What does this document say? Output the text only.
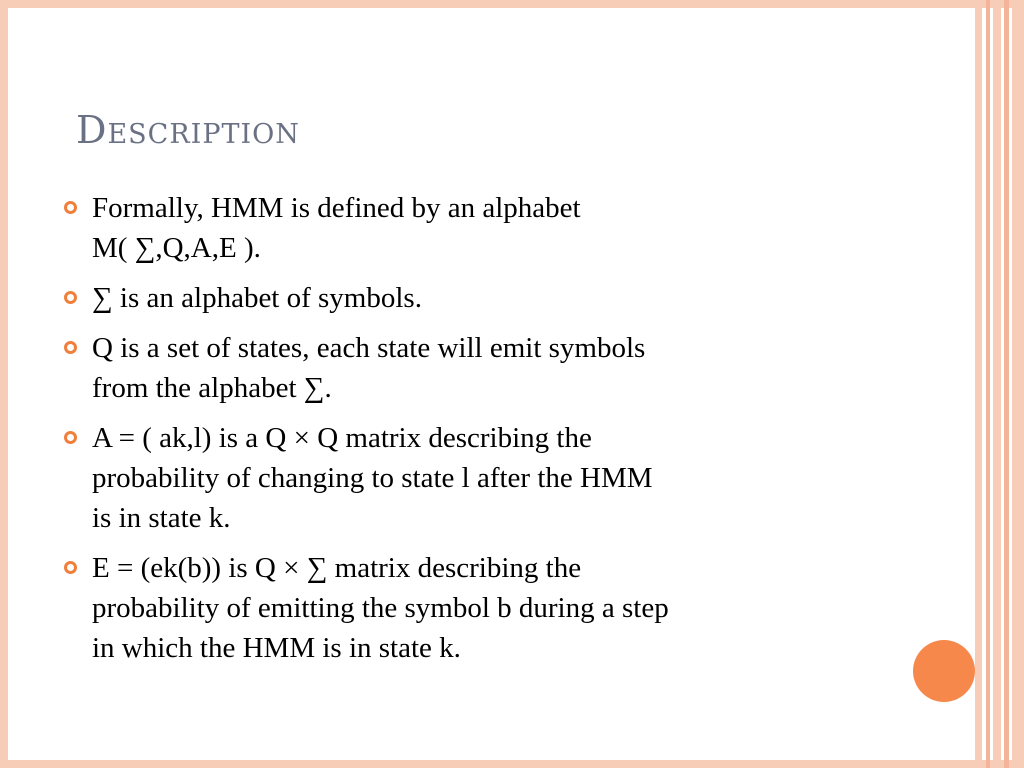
Description
Formally, HMM is defined by an alphabet
M( ∑,Q,A,E ).
∑ is an alphabet of symbols.
Q is a set of states, each state will emit symbols
from the alphabet ∑.
A = ( ak,l) is a Q × Q matrix describing the
probability of changing to state l after the HMM
is in state k.
E = (ek(b)) is Q × ∑ matrix describing the
probability of emitting the symbol b during a step
in which the HMM is in state k.
